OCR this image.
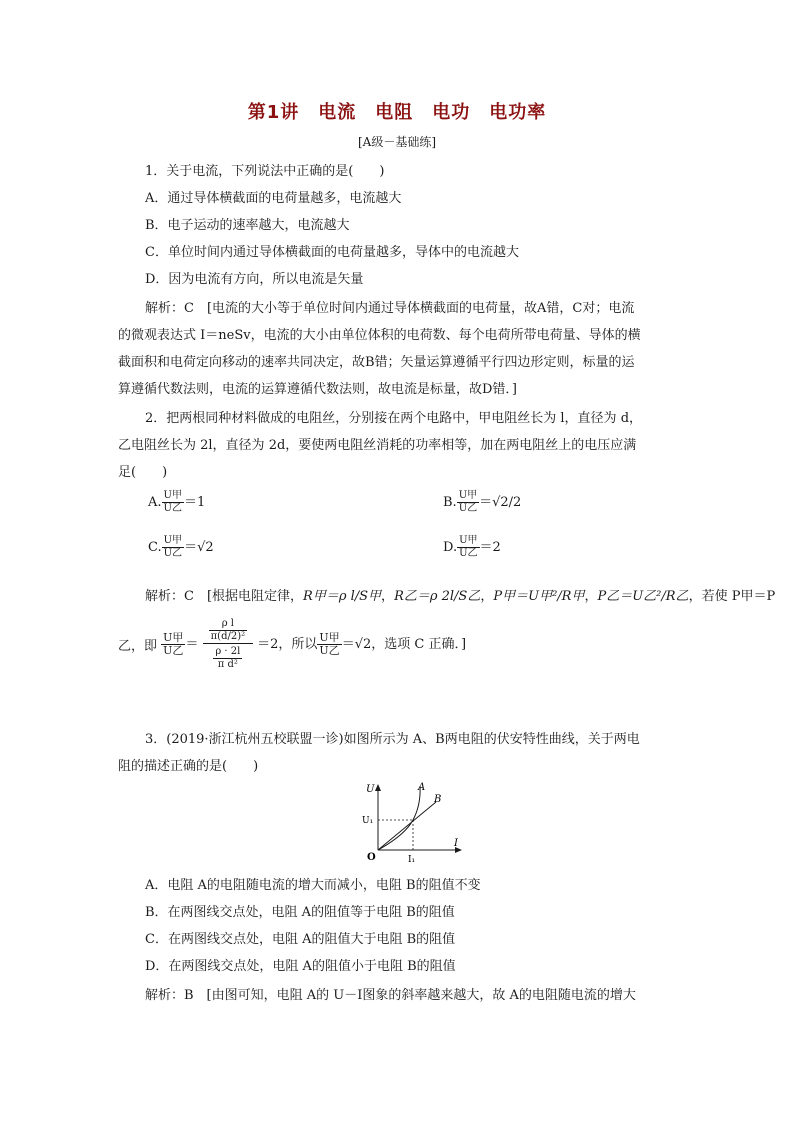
第1讲　电流　电阻　电功　电功率
[A级－基础练]
1．关于电流，下列说法中正确的是(　　)
A．通过导体横截面的电荷量越多，电流越大
B．电子运动的速率越大，电流越大
C．单位时间内通过导体横截面的电荷量越多，导体中的电流越大
D．因为电流有方向，所以电流是矢量
解析：C　[电流的大小等于单位时间内通过导体横截面的电荷量，故A错，C对；电流
的微观表达式 I＝neSv，电流的大小由单位体积的电荷数、每个电荷所带电荷量、导体的横
截面积和电荷定向移动的速率共同决定，故B错；矢量运算遵循平行四边形定则，标量的运
算遵循代数法则，电流的运算遵循代数法则，故电流是标量，故D错．]
2．把两根同种材料做成的电阻丝，分别接在两个电路中，甲电阻丝长为 l，直径为 d，
乙电阻丝长为 2l，直径为 2d，要使两电阻丝消耗的功率相等，加在两电阻丝上的电压应满
足(　　)
A. $\frac{\text{U甲}}{\text{U乙}} =1$	B. $\frac{\text{U甲}}{\text{U乙}} =√2/2$
C. $\frac{\text{U甲}}{\text{U乙}} =√2$	D. $\frac{\text{U甲}}{\text{U乙}} =2$
解析：C　[根据电阻定律，R甲＝ρ l/S甲，R乙＝ρ 2l/S乙，P甲＝U甲²/R甲，P乙＝U乙²/R乙，若使 P甲＝P
乙，即 $\frac{\text{U甲}}{\text{U乙}} = \frac{\frac{\text{ρ l}}{\text{π(d/2)²}}}{\frac{\rho \cdot 2l}{\text{π d²}}} =2$，所以 $\frac{\text{U甲}}{\text{U乙}} =√2$，选项 C 正确．]
3．(2019·浙江杭州五校联盟一诊)如图所示为 A、B两电阻的伏安特性曲线，关于两电
阻的描述正确的是(　　)
U
I
O
U₁
I₁
A
B
A．电阻 A的电阻随电流的增大而减小，电阻 B的阻值不变
B．在两图线交点处，电阻 A的阻值等于电阻 B的阻值
C．在两图线交点处，电阻 A的阻值大于电阻 B的阻值
D．在两图线交点处，电阻 A的阻值小于电阻 B的阻值
解析：B　[由图可知，电阻 A的 U－I图象的斜率越来越大，故 A的电阻随电流的增大
